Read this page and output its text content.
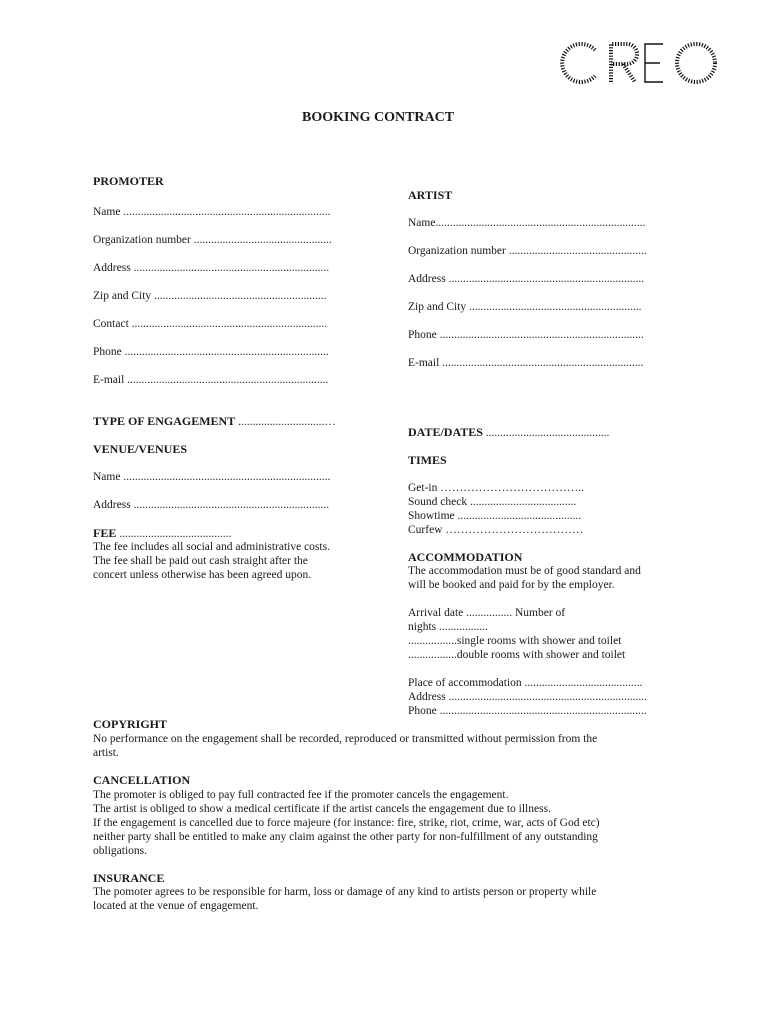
BOOKING CONTRACT
PROMOTER
Name ........................................................................
Organization number ................................................
Address ....................................................................
Zip and City ............................................................
Contact ....................................................................
Phone .......................................................................
E-mail ......................................................................
ARTIST
Name.........................................................................
Organization number ................................................
Address ....................................................................
Zip and City ............................................................
Phone .......................................................................
E-mail ......................................................................
TYPE OF ENGAGEMENT ..............................…
VENUE/VENUES
Name ........................................................................
Address ....................................................................
FEE .......................................
The fee includes all social and administrative costs.
The fee shall be paid out cash straight after the
concert unless otherwise has been agreed upon.
DATE/DATES ...........................................
TIMES
Get-in ………………………………..
Sound check .....................................
Showtime ...........................................
Curfew ………………………………
ACCOMMODATION
The accommodation must be of good standard and
will be booked and paid for by the employer.
Arrival date ................ Number of
nights .................
.................single rooms with shower and toilet
.................double rooms with shower and toilet
Place of accommodation .........................................
Address .....................................................................
Phone ........................................................................
COPYRIGHT
No performance on the engagement shall be recorded, reproduced or transmitted without permission from the
artist.
CANCELLATION
The promoter is obliged to pay full contracted fee if the promoter cancels the engagement.
The artist is obliged to show a medical certificate if the artist cancels the engagement due to illness.
If the engagement is cancelled due to force majeure (for instance: fire, strike, riot, crime, war, acts of God etc)
neither party shall be entitled to make any claim against the other party for non-fulfillment of any outstanding
obligations.
INSURANCE
The pomoter agrees to be responsible for harm, loss or damage of any kind to artists person or property while
located at the venue of engagement.
